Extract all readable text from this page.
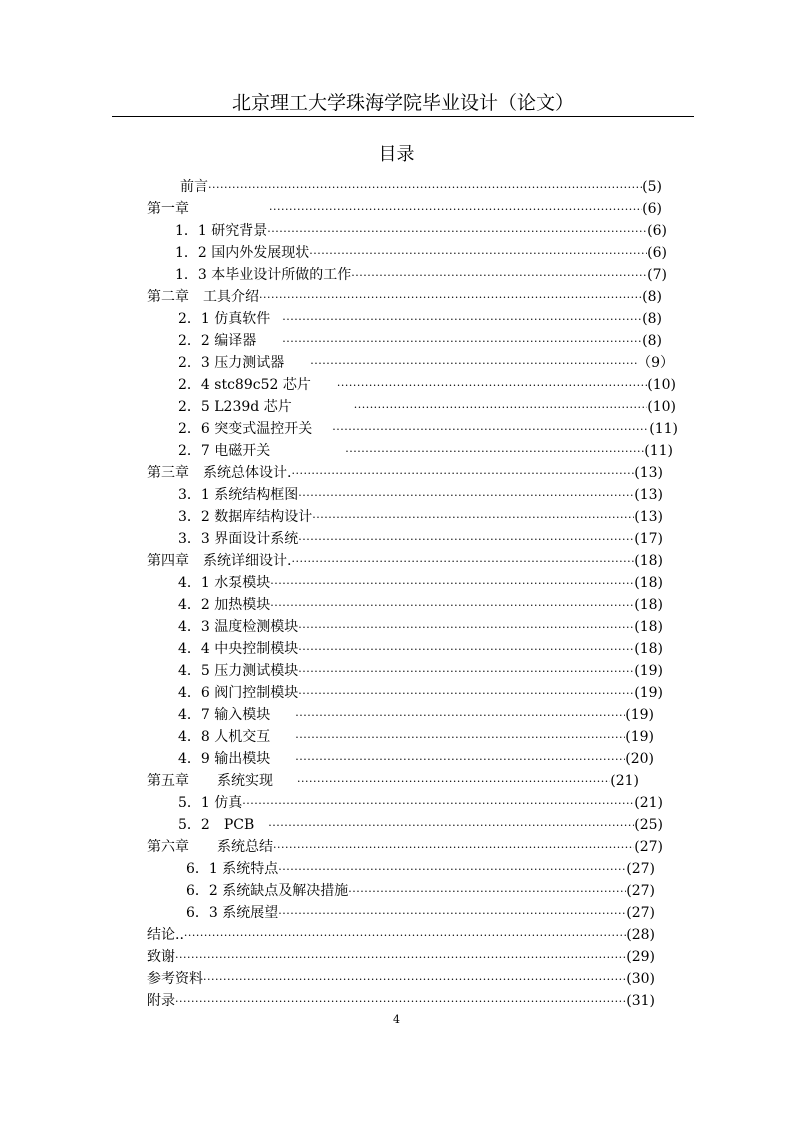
北京理工大学珠海学院毕业设计（论文）
目录
前言 ·····	(5)
第一章 ·····	(6)
1．1 研究背景 ·····	(6)
1．2 国内外发展现状 ·····	(6)
1．3 本毕业设计所做的工作 ·····	(7)
第二章　工具介绍 ·····	(8)
2．1 仿真软件 ·····	(8)
2．2 编译器 ·····	(8)
2．3 压力测试器 ·····	（9）
2．4 stc89c52 芯片 ·····	(10)
2．5 L239d 芯片 ·····	(10)
2．6 突变式温控开关 ·····	(11)
2．7 电磁开关 ·····	(11)
第三章　系统总体设计. ·····	(13)
3．1 系统结构框图 ·····	(13)
3．2 数据库结构设计 ·····	(13)
3．3 界面设计系统 ·····	(17)
第四章　系统详细设计. ·····	(18)
4．1 水泵模块 ·····	(18)
4．2 加热模块 ·····	(18)
4．3 温度检测模块 ·····	(18)
4．4 中央控制模块 ·····	(18)
4．5 压力测试模块 ·····	(19)
4．6 阀门控制模块 ·····	(19)
4．7 输入模块 ·····	(19)
4．8 人机交互 ·····	(19)
4．9 输出模块 ·····	(20)
第五章　　系统实现 ·····	(21)
5．1 仿真 ·····	(21)
5．2　PCB ·····	(25)
第六章　　系统总结 ·····	(27)
6．1 系统特点 ·····	(27)
6．2 系统缺点及解决措施 ·····	(27)
6．3 系统展望 ·····	(27)
结论.. ·····	(28)
致谢 ·····	(29)
参考资料 ·····	(30)
附录 ·····	(31)
4
